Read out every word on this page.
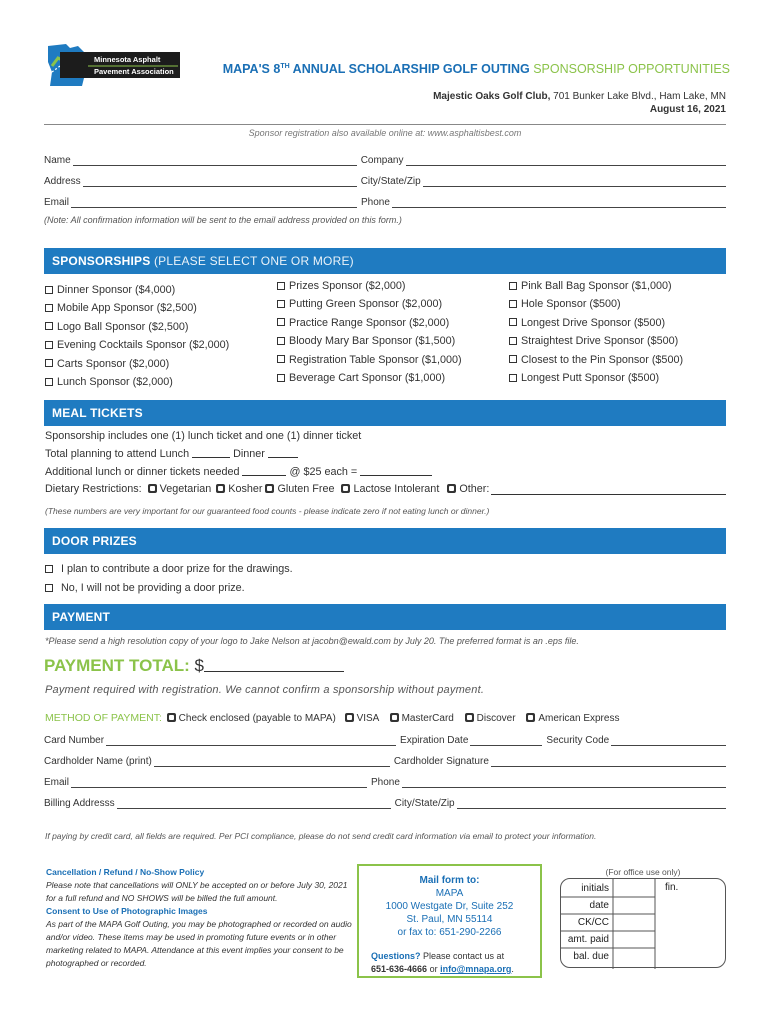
Minnesota Asphalt
Pavement Association	MAPA'S 8TH ANNUAL SCHOLARSHIP GOLF OUTING SPONSORSHIP OPPORTUNITIES
Majestic Oaks Golf Club, 701 Bunker Lake Blvd., Ham Lake, MN
August 16, 2021
Sponsor registration also available online at: www.asphaltisbest.com
Name	Company
Address	City/State/Zip
Email	Phone
(Note: All confirmation information will be sent to the email address provided on this form.)
SPONSORSHIPS (PLEASE SELECT ONE OR MORE)
Dinner Sponsor ($4,000)
Mobile App Sponsor ($2,500)
Logo Ball Sponsor ($2,500)
Evening Cocktails Sponsor ($2,000)
Carts Sponsor ($2,000)
Lunch Sponsor ($2,000)
Prizes Sponsor ($2,000)
Putting Green Sponsor ($2,000)
Practice Range Sponsor ($2,000)
Bloody Mary Bar Sponsor ($1,500)
Registration Table Sponsor ($1,000)
Beverage Cart Sponsor ($1,000)
Pink Ball Bag Sponsor ($1,000)
Hole Sponsor ($500)
Longest Drive Sponsor ($500)
Straightest Drive Sponsor ($500)
Closest to the Pin Sponsor ($500)
Longest Putt Sponsor ($500)
MEAL TICKETS
Sponsorship includes one (1) lunch ticket and one (1) dinner ticket
Total planning to attend Lunch	Dinner
Additional lunch or dinner tickets needed	@ $25 each =
Dietary Restrictions:	Vegetarian	Kosher	Gluten Free	Lactose Intolerant	Other:
(These numbers are very important for our guaranteed food counts - please indicate zero if not eating lunch or dinner.)
DOOR PRIZES
I plan to contribute a door prize for the drawings.
No, I will not be providing a door prize.
PAYMENT
*Please send a high resolution copy of your logo to Jake Nelson at jacobn@ewald.com by July 20. The preferred format is an .eps file.
PAYMENT TOTAL: $
Payment required with registration. We cannot confirm a sponsorship without payment.
METHOD OF PAYMENT: Check enclosed (payable to MAPA) VISA MasterCard Discover American Express
Card Number	Expiration Date	Security Code
Cardholder Name (print)	Cardholder Signature
Email	Phone
Billing Addresss	City/State/Zip
If paying by credit card, all fields are required. Per PCI compliance, please do not send credit card information via email to protect your information.
Cancellation / Refund / No-Show Policy
Please note that cancellations will ONLY be accepted on or before July 30, 2021 for a full refund and NO SHOWS will be billed the full amount.
Consent to Use of Photographic Images
As part of the MAPA Golf Outing, you may be photographed or recorded on audio and/or video. These items may be used in promoting future events or in other marketing related to MAPA. Attendance at this event implies your consent to be photographed or recorded.
Mail form to:
MAPA
1000 Westgate Dr, Suite 252
St. Paul, MN 55114
or fax to: 651-290-2266
Questions? Please contact us at
651-636-4666 or info@mnapa.org.
(For office use only)
initials
date
CK/CC
amt. paid
bal. due
fin.
